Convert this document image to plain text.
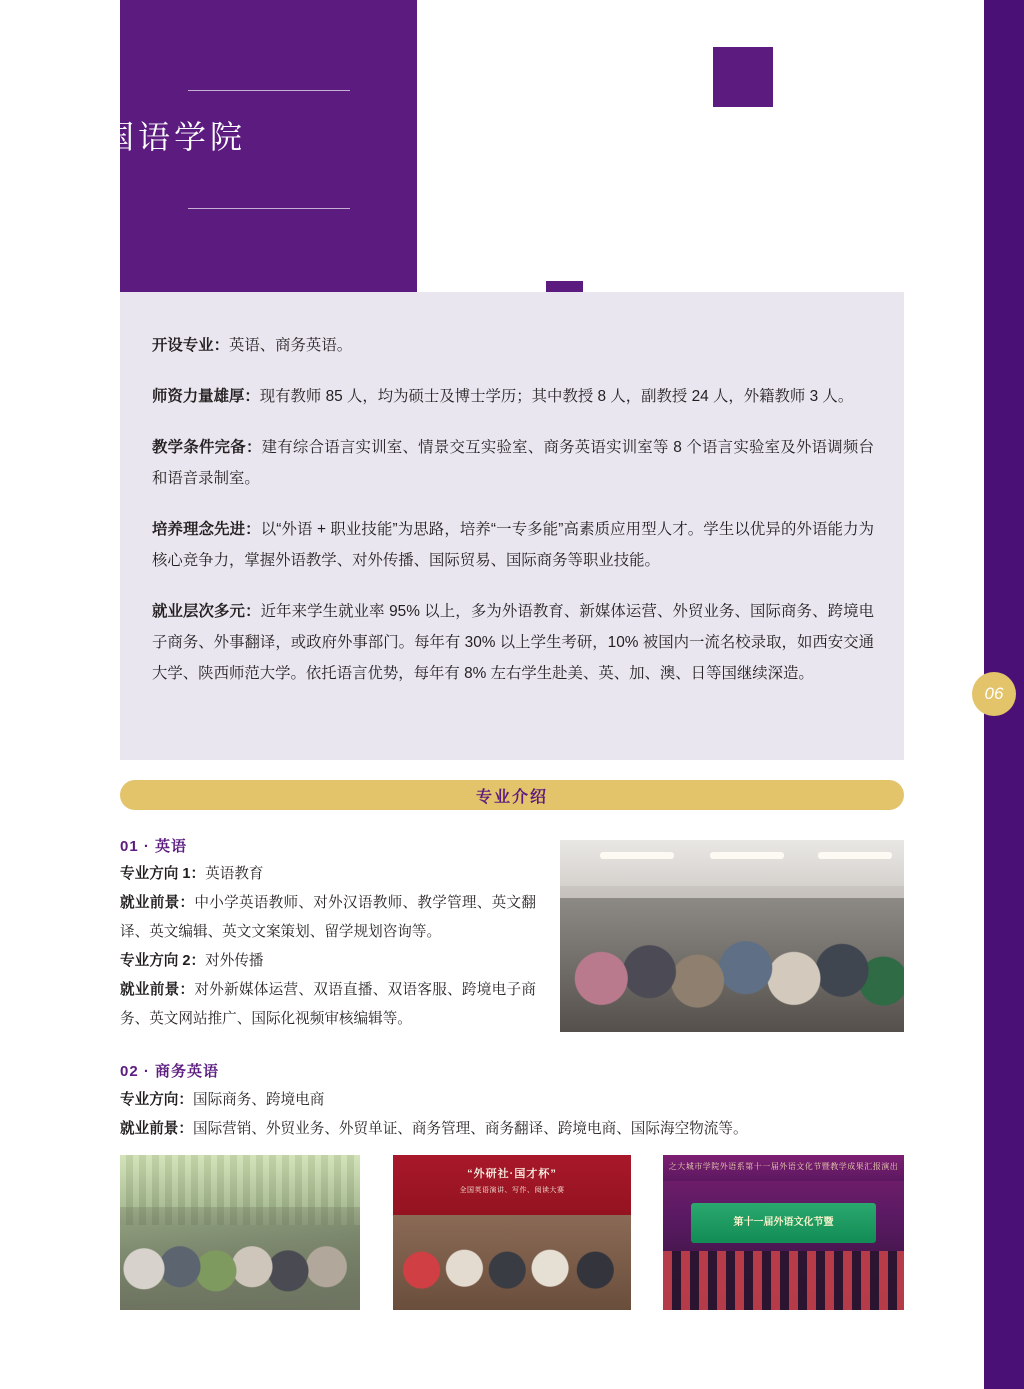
外国语学院
开设专业：英语、商务英语。
师资力量雄厚：现有教师 85 人，均为硕士及博士学历；其中教授 8 人，副教授 24 人，外籍教师 3 人。
教学条件完备：建有综合语言实训室、情景交互实验室、商务英语实训室等 8 个语言实验室及外语调频台和语音录制室。
培养理念先进：以“外语 + 职业技能”为思路，培养“一专多能”高素质应用型人才。学生以优异的外语能力为核心竞争力，掌握外语教学、对外传播、国际贸易、国际商务等职业技能。
就业层次多元：近年来学生就业率 95% 以上，多为外语教育、新媒体运营、外贸业务、国际商务、跨境电子商务、外事翻译，或政府外事部门。每年有 30% 以上学生考研，10% 被国内一流名校录取，如西安交通大学、陕西师范大学。依托语言优势，每年有 8% 左右学生赴美、英、加、澳、日等国继续深造。
06
专业介绍
01 · 英语

专业方向 1：英语教育

就业前景：中小学英语教师、对外汉语教师、教学管理、英文翻译、英文编辑、英文文案策划、留学规划咨询等。

专业方向 2：对外传播

就业前景：对外新媒体运营、双语直播、双语客服、跨境电子商务、英文网站推广、国际化视频审核编辑等。

02 · 商务英语

专业方向：国际商务、跨境电商

就业前景：国际营销、外贸业务、外贸单证、商务管理、商务翻译、跨境电商、国际海空物流等。

“外研社·国才杯”
全国英语演讲、写作、阅读大赛
之大城市学院外语系第十一届外语文化节暨教学成果汇报演出
第十一届外语文化节暨
